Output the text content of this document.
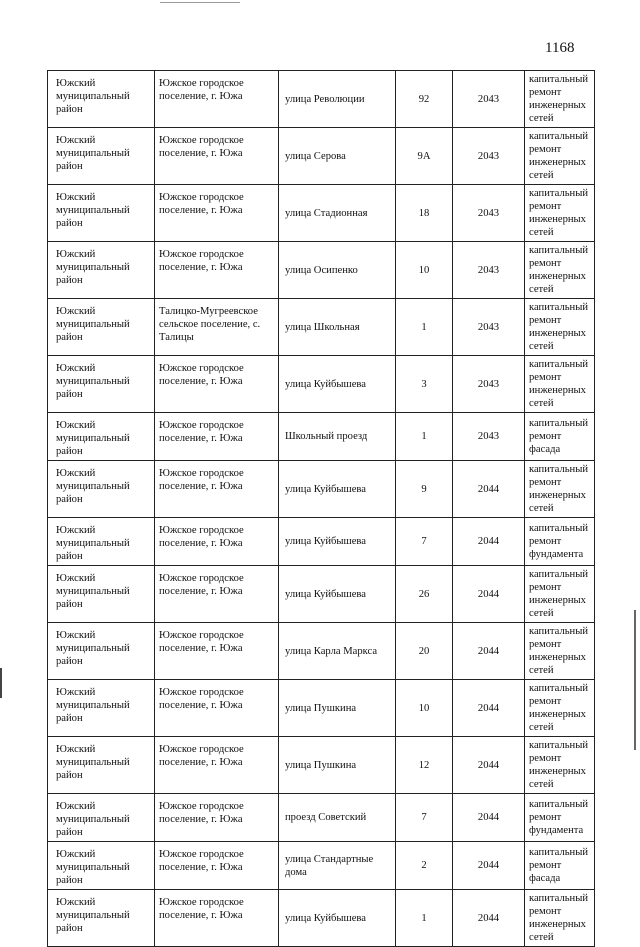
1168
Южский муниципальный район	Южское городское поселение, г. Южа	улица Революции	92	2043	капитальный ремонт инженерных сетей
Южский муниципальный район	Южское городское поселение, г. Южа	улица Серова	9А	2043	капитальный ремонт инженерных сетей
Южский муниципальный район	Южское городское поселение, г. Южа	улица Стадионная	18	2043	капитальный ремонт инженерных сетей
Южский муниципальный район	Южское городское поселение, г. Южа	улица Осипенко	10	2043	капитальный ремонт инженерных сетей
Южский муниципальный район	Талицко-Мугреевское сельское поселение, с. Талицы	улица Школьная	1	2043	капитальный ремонт инженерных сетей
Южский муниципальный район	Южское городское поселение, г. Южа	улица Куйбышева	3	2043	капитальный ремонт инженерных сетей
Южский муниципальный район	Южское городское поселение, г. Южа	Школьный проезд	1	2043	капитальный ремонт фасада
Южский муниципальный район	Южское городское поселение, г. Южа	улица Куйбышева	9	2044	капитальный ремонт инженерных сетей
Южский муниципальный район	Южское городское поселение, г. Южа	улица Куйбышева	7	2044	капитальный ремонт фундамента
Южский муниципальный район	Южское городское поселение, г. Южа	улица Куйбышева	26	2044	капитальный ремонт инженерных сетей
Южский муниципальный район	Южское городское поселение, г. Южа	улица Карла Маркса	20	2044	капитальный ремонт инженерных сетей
Южский муниципальный район	Южское городское поселение, г. Южа	улица Пушкина	10	2044	капитальный ремонт инженерных сетей
Южский муниципальный район	Южское городское поселение, г. Южа	улица Пушкина	12	2044	капитальный ремонт инженерных сетей
Южский муниципальный район	Южское городское поселение, г. Южа	проезд Советский	7	2044	капитальный ремонт фундамента
Южский муниципальный район	Южское городское поселение, г. Южа	улица Стандартные дома	2	2044	капитальный ремонт фасада
Южский муниципальный район	Южское городское поселение, г. Южа	улица Куйбышева	1	2044	капитальный ремонт инженерных сетей
